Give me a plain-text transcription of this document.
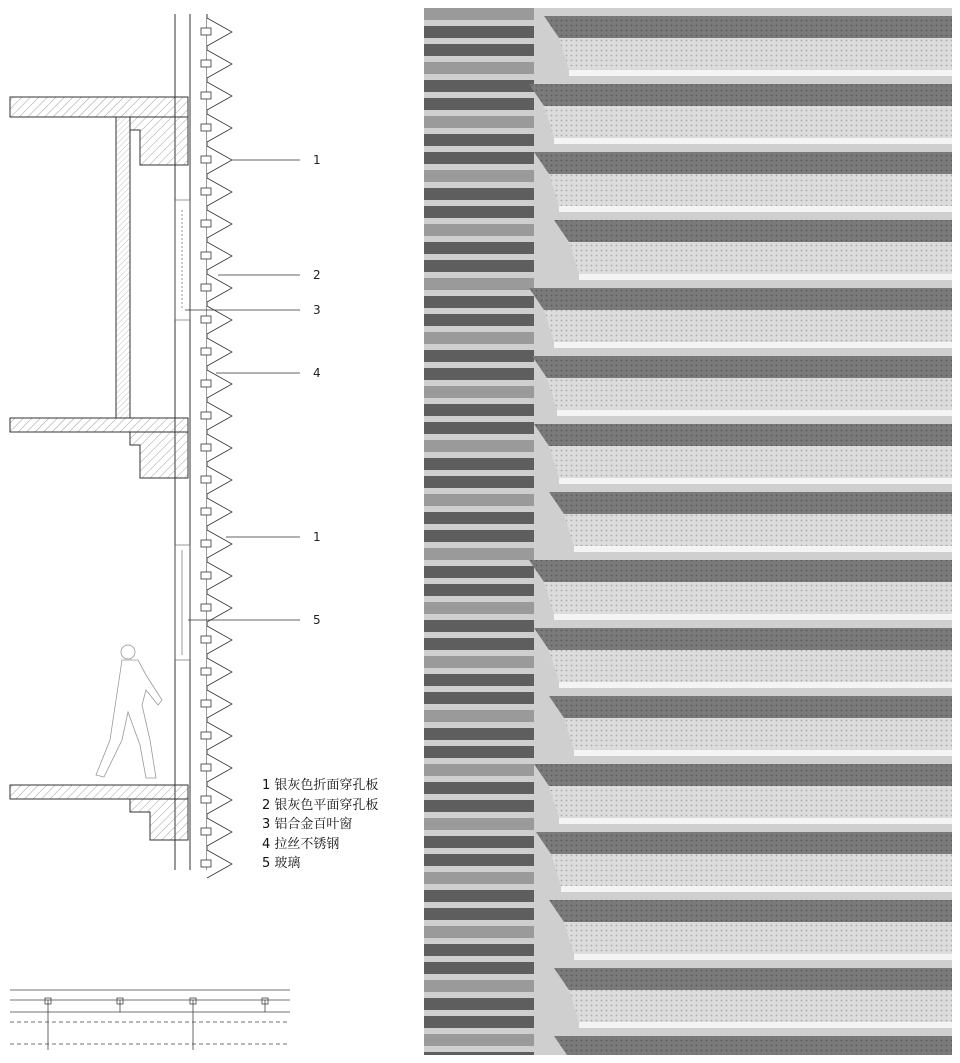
1
2
3
4
1
5
1 银灰色折面穿孔板
2 银灰色平面穿孔板
3 铝合金百叶窗
4 拉丝不锈钢
5 玻璃
